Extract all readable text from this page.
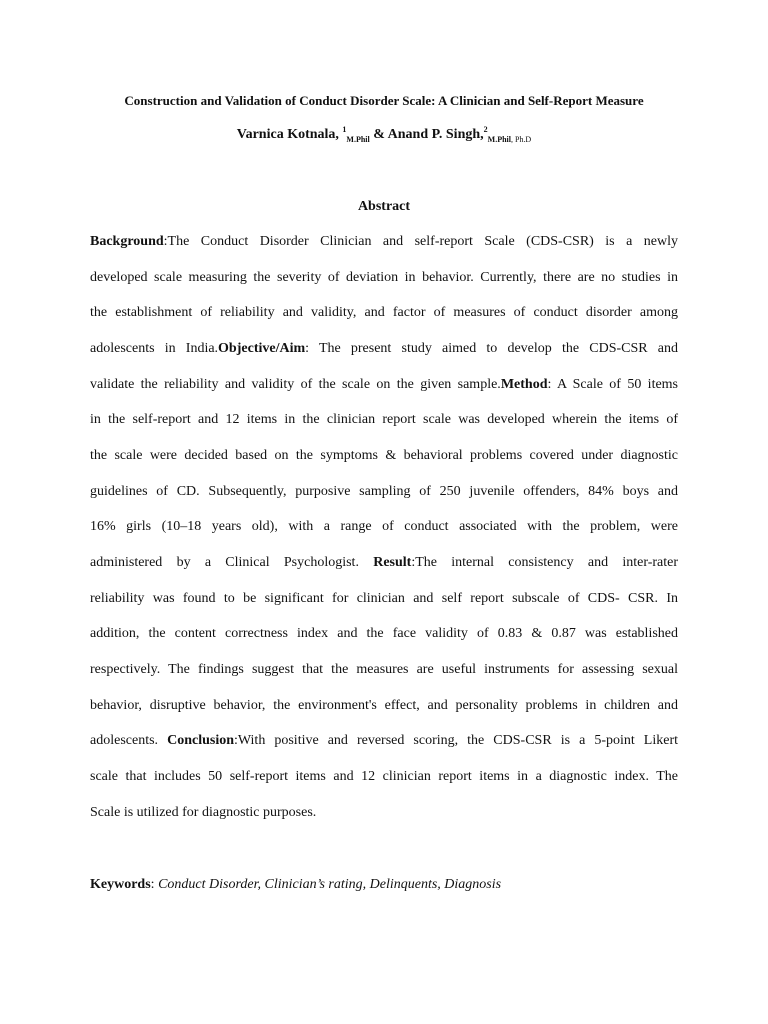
Construction and Validation of Conduct Disorder Scale: A Clinician and Self-Report Measure
Varnica Kotnala, $^1_{M.Phil}$ & Anand P. Singh,$^2_{M.Phil,}$ $_{Ph.D}$
Abstract
Background:The Conduct Disorder Clinician and self-report Scale (CDS-CSR) is a newly
developed scale measuring the severity of deviation in behavior. Currently, there are no studies in
the establishment of reliability and validity, and factor of measures of conduct disorder among
adolescents in India.Objective/Aim: The present study aimed to develop the CDS-CSR and
validate the reliability and validity of the scale on the given sample.Method: A Scale of 50 items
in the self-report and 12 items in the clinician report scale was developed wherein the items of
the scale were decided based on the symptoms & behavioral problems covered under diagnostic
guidelines of CD. Subsequently, purposive sampling of 250 juvenile offenders, 84% boys and
16% girls (10–18 years old), with a range of conduct associated with the problem, were
administered by a Clinical Psychologist. Result:The internal consistency and inter-rater
reliability was found to be significant for clinician and self report subscale of CDS- CSR. In
addition, the content correctness index and the face validity of 0.83 & 0.87 was established
respectively. The findings suggest that the measures are useful instruments for assessing sexual
behavior, disruptive behavior, the environment's effect, and personality problems in children and
adolescents. Conclusion:With positive and reversed scoring, the CDS-CSR is a 5-point Likert
scale that includes 50 self-report items and 12 clinician report items in a diagnostic index. The
Scale is utilized for diagnostic purposes.
Keywords: Conduct Disorder, Clinician’s rating, Delinquents, Diagnosis
